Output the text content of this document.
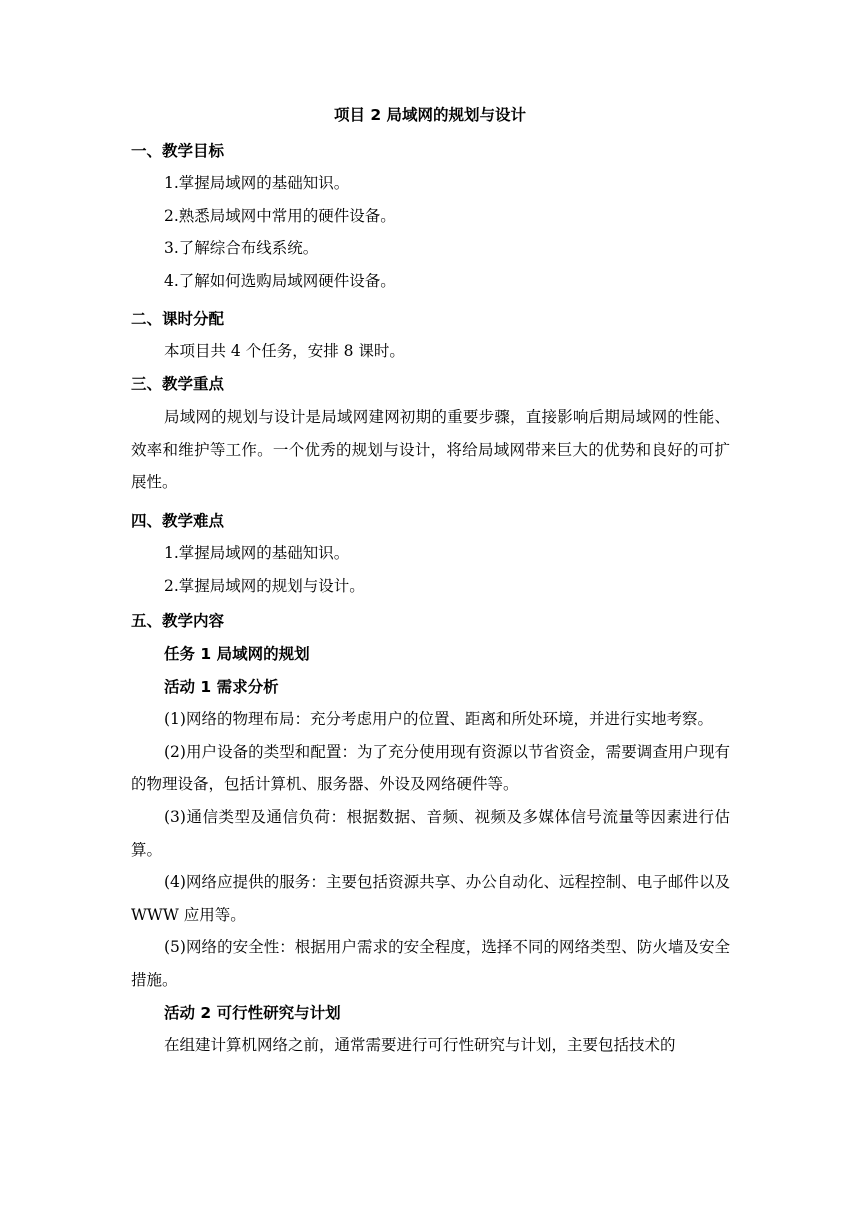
项目 2 局域网的规划与设计
一、教学目标
1.掌握局域网的基础知识。
2.熟悉局域网中常用的硬件设备。
3.了解综合布线系统。
4.了解如何选购局域网硬件设备。
二、课时分配
本项目共 4 个任务，安排 8 课时。
三、教学重点
局域网的规划与设计是局域网建网初期的重要步骤，直接影响后期局域网的性能、效率和维护等工作。一个优秀的规划与设计，将给局域网带来巨大的优势和良好的可扩展性。
四、教学难点
1.掌握局域网的基础知识。
2.掌握局域网的规划与设计。
五、教学内容
任务 1 局域网的规划
活动 1 需求分析
(1)网络的物理布局：充分考虑用户的位置、距离和所处环境，并进行实地考察。
(2)用户设备的类型和配置：为了充分使用现有资源以节省资金，需要调查用户现有的物理设备，包括计算机、服务器、外设及网络硬件等。
(3)通信类型及通信负荷：根据数据、音频、视频及多媒体信号流量等因素进行估算。
(4)网络应提供的服务：主要包括资源共享、办公自动化、远程控制、电子邮件以及 WWW 应用等。
(5)网络的安全性：根据用户需求的安全程度，选择不同的网络类型、防火墙及安全措施。
活动 2 可行性研究与计划
在组建计算机网络之前，通常需要进行可行性研究与计划，主要包括技术的
